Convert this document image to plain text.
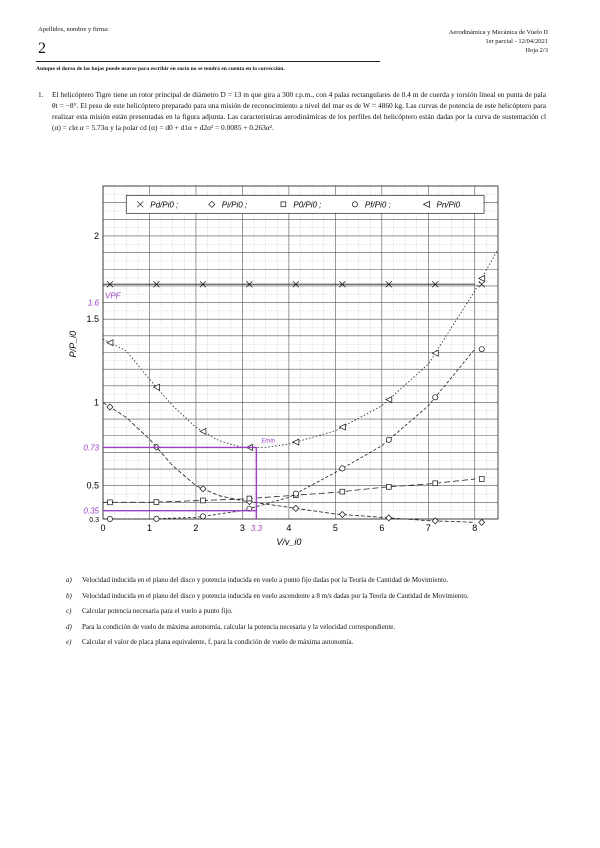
Apellidos, nombre y firma:
2
Aerodinámica y Mecánica de Vuelo II
1er parcial - 12/04/2021
Hoja 2/3
Aunque el dorso de las hojas puede usarse para escribir en sucio no se tendrá en cuenta en la corrección.
1. El helicóptero Tigre tiene un rotor principal de diámetro D = 13 m que gira a 300 r.p.m., con 4 palas rectangulares de 0.4 m de cuerda y torsión lineal en punta de pala θt = −8°. El peso de este helicóptero preparado para una misión de reconocimiento a nivel del mar es de W = 4860 kg. Las curvas de potencia de este helicóptero para realizar esta misión están presentadas en la figura adjunta. Las características aerodinámicas de los perfiles del helicóptero están dadas por la curva de sustentación cl (α) = clα α = 5.73α y la polar cd (α) = d0 + d1α + d2α² = 0.0085 + 0.263α².
0	1	2	3	4	5	6	7	8
0.3
0.5
1
1.5
2
V/v_i0
P/P_i0
Pd/Pi0 ;	Pi/Pi0 ;	P0/Pi0 ;	Pf/Pi0 ;	Pn/Pi0
1.6
VPF
0.73
0.35
3.3
Emin
a) Velocidad inducida en el plano del disco y potencia inducida en vuelo a punto fijo dadas por la Teoría de Cantidad de Movimiento.
b) Velocidad inducida en el plano del disco y potencia inducida en vuelo ascendente a 8 m/s dadas por la Teoría de Cantidad de Movimiento.
c) Calcular potencia necesaria para el vuelo a punto fijo.
d) Para la condición de vuelo de máxima autonomía, calcular la potencia necesaria y la velocidad correspondiente.
e) Calcular el valor de placa plana equivalente, f, para la condición de vuelo de máxima autonomía.
